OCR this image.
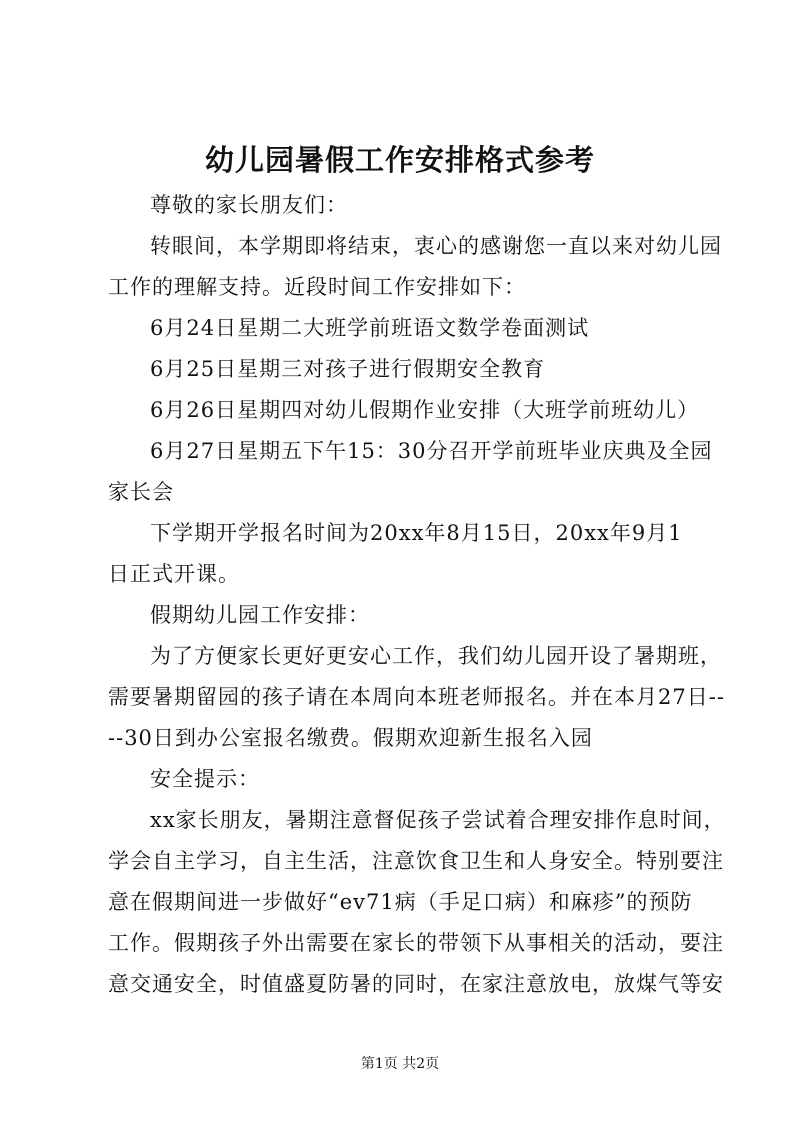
幼儿园暑假工作安排格式参考
尊敬的家长朋友们：
转眼间，本学期即将结束，衷心的感谢您一直以来对幼儿园
工作的理解支持。近段时间工作安排如下：
6月24日星期二大班学前班语文数学卷面测试
6月25日星期三对孩子进行假期安全教育
6月26日星期四对幼儿假期作业安排（大班学前班幼儿）
6月27日星期五下午15：30分召开学前班毕业庆典及全园
家长会
下学期开学报名时间为20xx年8月15日，20xx年9月1
日正式开课。
假期幼儿园工作安排：
为了方便家长更好更安心工作，我们幼儿园开设了暑期班，
需要暑期留园的孩子请在本周向本班老师报名。并在本月27日--
--30日到办公室报名缴费。假期欢迎新生报名入园
安全提示：
xx家长朋友，暑期注意督促孩子尝试着合理安排作息时间，
学会自主学习，自主生活，注意饮食卫生和人身安全。特别要注
意在假期间进一步做好“ev71病（手足口病）和麻疹”的预防
工作。假期孩子外出需要在家长的带领下从事相关的活动，要注
意交通安全，时值盛夏防暑的同时，在家注意放电，放煤气等安
第1页 共2页
